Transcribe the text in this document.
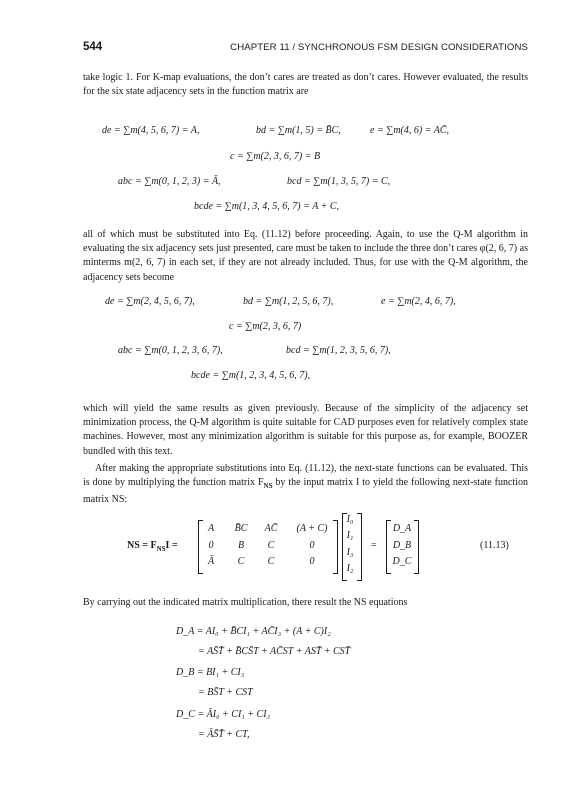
544	CHAPTER 11 / SYNCHRONOUS FSM DESIGN CONSIDERATIONS

take logic 1. For K-map evaluations, the don’t cares are treated as don’t cares. However evaluated, the results for the six state adjacency sets in the function matrix are

de = ∑m(4, 5, 6, 7) = A,	bd = ∑m(1, 5) = B̄C,	e = ∑m(4, 6) = AC̄,
c = ∑m(2, 3, 6, 7) = B
abc = ∑m(0, 1, 2, 3) = Ā,	bcd = ∑m(1, 3, 5, 7) = C,
bcde = ∑m(1, 3, 4, 5, 6, 7) = A + C,

all of which must be substituted into Eq. (11.12) before proceeding. Again, to use the Q-M algorithm in evaluating the six adjacency sets just presented, care must be taken to include the three don’t cares φ(2, 6, 7) as minterms m(2, 6, 7) in each set, if they are not already included. Thus, for use with the Q-M algorithm, the adjacency sets become

de = ∑m(2, 4, 5, 6, 7),	bd = ∑m(1, 2, 5, 6, 7),	e = ∑m(2, 4, 6, 7),
c = ∑m(2, 3, 6, 7)
abc = ∑m(0, 1, 2, 3, 6, 7),	bcd = ∑m(1, 2, 3, 5, 6, 7),
bcde = ∑m(1, 2, 3, 4, 5, 6, 7),

which will yield the same results as given previously. Because of the simplicity of the adjacency set minimization process, the Q-M algorithm is quite suitable for CAD purposes even for relatively complex state machines. However, most any minimization algorithm is suitable for this purpose as, for example, BOOZER bundled with this text.

After making the appropriate substitutions into Eq. (11.12), the next-state functions can be evaluated. This is done by multiplying the function matrix $F_{NS}$ by the input matrix I to yield the following next-state function matrix NS:

NS = $F_{NS}I$ =
A	B̄C	AC̄	(A + C)
0	B	C	0
Ā	C	C	0
I₀
I₁
I₃
I₂
=
D_A
D_B
D_C
(11.13)

By carrying out the indicated matrix multiplication, there result the NS equations

D_A = AI₀ + B̄CI₁ + AC̄I₃ + (A + C)I₂
= AS̄T̄ + B̄CS̄T + AC̄ST + AST̄ + CST̄
D_B = BI₁ + CI₃
= BS̄T + CST
D_C = ĀI₀ + CI₁ + CI₃
= ĀS̄T̄ + CT,
